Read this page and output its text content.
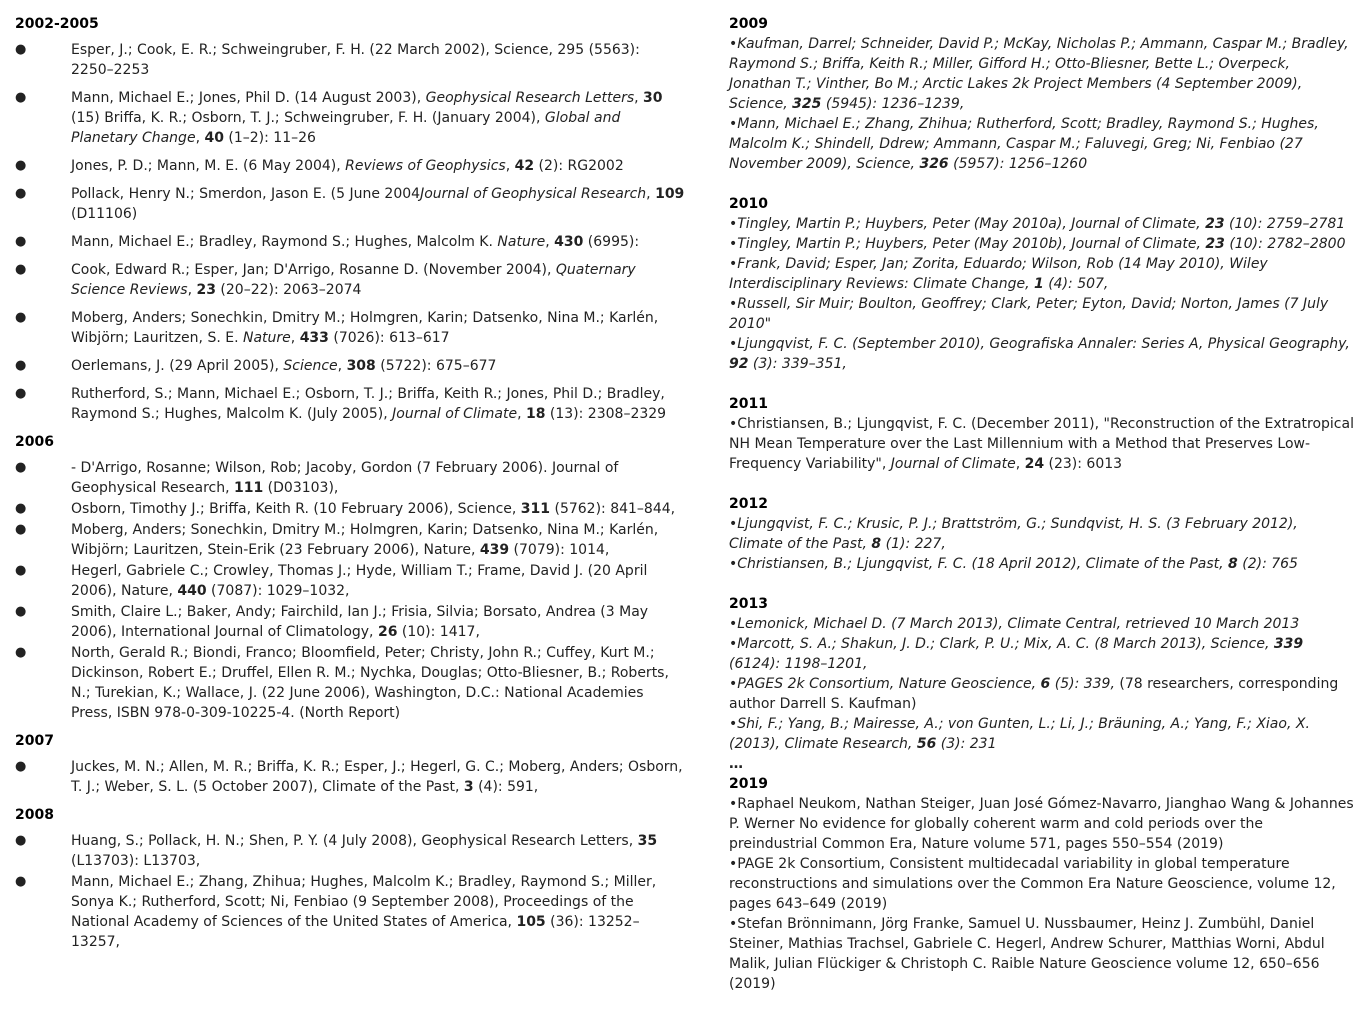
2002-2005
●	Esper, J.; Cook, E. R.; Schweingruber, F. H. (22 March 2002), Science, 295 (5563): 2250–2253
●	Mann, Michael E.; Jones, Phil D. (14 August 2003), Geophysical Research Letters, 30 (15) Briffa, K. R.; Osborn, T. J.; Schweingruber, F. H. (January 2004), Global and Planetary Change, 40 (1–2): 11–26
●	Jones, P. D.; Mann, M. E. (6 May 2004), Reviews of Geophysics, 42 (2): RG2002
●	Pollack, Henry N.; Smerdon, Jason E. (5 June 2004Journal of Geophysical Research, 109 (D11106)
●	Mann, Michael E.; Bradley, Raymond S.; Hughes, Malcolm K. Nature, 430 (6995):
●	Cook, Edward R.; Esper, Jan; D'Arrigo, Rosanne D. (November 2004), Quaternary Science Reviews, 23 (20–22): 2063–2074
●	Moberg, Anders; Sonechkin, Dmitry M.; Holmgren, Karin; Datsenko, Nina M.; Karlén, Wibjörn; Lauritzen, S. E. Nature, 433 (7026): 613–617
●	Oerlemans, J. (29 April 2005), Science, 308 (5722): 675–677
●	Rutherford, S.; Mann, Michael E.; Osborn, T. J.; Briffa, Keith R.; Jones, Phil D.; Bradley, Raymond S.; Hughes, Malcolm K. (July 2005), Journal of Climate, 18 (13): 2308–2329
2006
●	- D'Arrigo, Rosanne; Wilson, Rob; Jacoby, Gordon (7 February 2006). Journal of Geophysical Research, 111 (D03103),
●	Osborn, Timothy J.; Briffa, Keith R. (10 February 2006), Science, 311 (5762): 841–844,
●	Moberg, Anders; Sonechkin, Dmitry M.; Holmgren, Karin; Datsenko, Nina M.; Karlén, Wibjörn; Lauritzen, Stein-Erik (23 February 2006), Nature, 439 (7079): 1014,
●	Hegerl, Gabriele C.; Crowley, Thomas J.; Hyde, William T.; Frame, David J. (20 April 2006), Nature, 440 (7087): 1029–1032,
●	Smith, Claire L.; Baker, Andy; Fairchild, Ian J.; Frisia, Silvia; Borsato, Andrea (3 May 2006), International Journal of Climatology, 26 (10): 1417,
●	North, Gerald R.; Biondi, Franco; Bloomfield, Peter; Christy, John R.; Cuffey, Kurt M.; Dickinson, Robert E.; Druffel, Ellen R. M.; Nychka, Douglas; Otto-Bliesner, B.; Roberts, N.; Turekian, K.; Wallace, J. (22 June 2006), Washington, D.C.: National Academies Press, ISBN 978-0-309-10225-4. (North Report)
2007
●	Juckes, M. N.; Allen, M. R.; Briffa, K. R.; Esper, J.; Hegerl, G. C.; Moberg, Anders; Osborn, T. J.; Weber, S. L. (5 October 2007), Climate of the Past, 3 (4): 591,
2008
●	Huang, S.; Pollack, H. N.; Shen, P. Y. (4 July 2008), Geophysical Research Letters, 35 (L13703): L13703,
●	Mann, Michael E.; Zhang, Zhihua; Hughes, Malcolm K.; Bradley, Raymond S.; Miller, Sonya K.; Rutherford, Scott; Ni, Fenbiao (9 September 2008), Proceedings of the National Academy of Sciences of the United States of America, 105 (36): 13252–13257,
2009
•Kaufman, Darrel; Schneider, David P.; McKay, Nicholas P.; Ammann, Caspar M.; Bradley, Raymond S.; Briffa, Keith R.; Miller, Gifford H.; Otto-Bliesner, Bette L.; Overpeck, Jonathan T.; Vinther, Bo M.; Arctic Lakes 2k Project Members (4 September 2009), Science, 325 (5945): 1236–1239,
•Mann, Michael E.; Zhang, Zhihua; Rutherford, Scott; Bradley, Raymond S.; Hughes, Malcolm K.; Shindell, Ddrew; Ammann, Caspar M.; Faluvegi, Greg; Ni, Fenbiao (27 November 2009), Science, 326 (5957): 1256–1260
2010
•Tingley, Martin P.; Huybers, Peter (May 2010a), Journal of Climate, 23 (10): 2759–2781
•Tingley, Martin P.; Huybers, Peter (May 2010b), Journal of Climate, 23 (10): 2782–2800
•Frank, David; Esper, Jan; Zorita, Eduardo; Wilson, Rob (14 May 2010), Wiley Interdisciplinary Reviews: Climate Change, 1 (4): 507,
•Russell, Sir Muir; Boulton, Geoffrey; Clark, Peter; Eyton, David; Norton, James (7 July 2010"
•Ljungqvist, F. C. (September 2010), Geografiska Annaler: Series A, Physical Geography, 92 (3): 339–351,
2011
•Christiansen, B.; Ljungqvist, F. C. (December 2011), "Reconstruction of the Extratropical NH Mean Temperature over the Last Millennium with a Method that Preserves Low-Frequency Variability", Journal of Climate, 24 (23): 6013
2012
•Ljungqvist, F. C.; Krusic, P. J.; Brattström, G.; Sundqvist, H. S. (3 February 2012), Climate of the Past, 8 (1): 227,
•Christiansen, B.; Ljungqvist, F. C. (18 April 2012), Climate of the Past, 8 (2): 765
2013
•Lemonick, Michael D. (7 March 2013), Climate Central, retrieved 10 March 2013
•Marcott, S. A.; Shakun, J. D.; Clark, P. U.; Mix, A. C. (8 March 2013), Science, 339 (6124): 1198–1201,
•PAGES 2k Consortium, Nature Geoscience, 6 (5): 339, (78 researchers, corresponding author Darrell S. Kaufman)
•Shi, F.; Yang, B.; Mairesse, A.; von Gunten, L.; Li, J.; Bräuning, A.; Yang, F.; Xiao, X. (2013), Climate Research, 56 (3): 231
…
2019
•Raphael Neukom, Nathan Steiger, Juan José Gómez-Navarro, Jianghao Wang & Johannes P. Werner No evidence for globally coherent warm and cold periods over the preindustrial Common Era, Nature volume 571, pages 550–554 (2019)
•PAGE 2k Consortium, Consistent multidecadal variability in global temperature reconstructions and simulations over the Common Era Nature Geoscience, volume 12, pages 643–649 (2019)
•Stefan Brönnimann, Jörg Franke, Samuel U. Nussbaumer, Heinz J. Zumbühl, Daniel Steiner, Mathias Trachsel, Gabriele C. Hegerl, Andrew Schurer, Matthias Worni, Abdul Malik, Julian Flückiger & Christoph C. Raible Nature Geoscience volume 12, 650–656 (2019)
